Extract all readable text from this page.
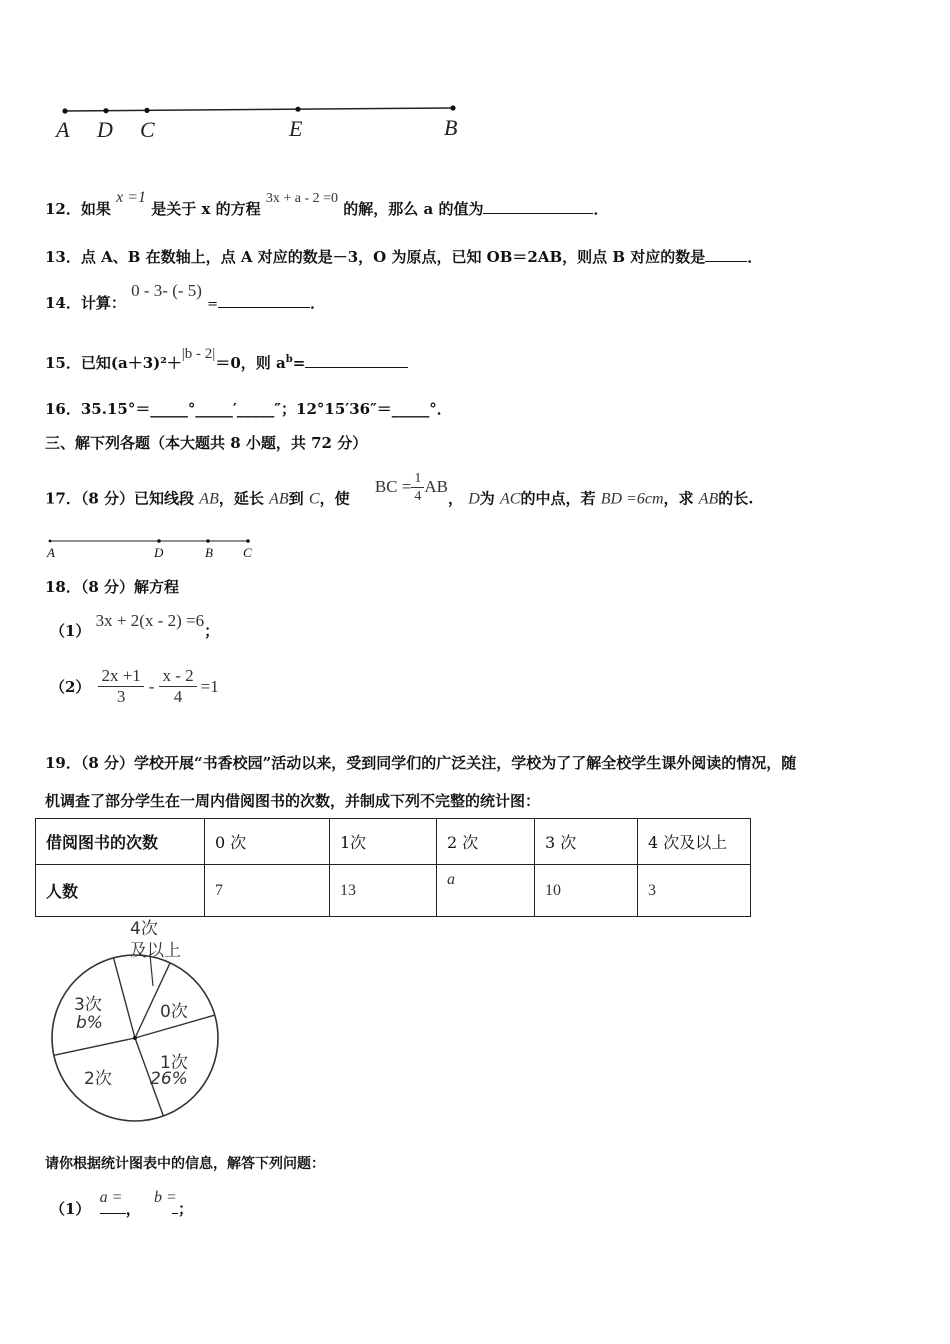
A D C	E	B
12．如果 x =1 是关于 x 的方程 3x + a - 2 =0 的解，那么 a 的值为	．
13．点 A、B 在数轴上，点 A 对应的数是－3，O 为原点，已知 OB＝2AB，则点 B 对应的数是	．
14．计算： 0 - 3- (- 5) =	．
15．已知(a＋3)²＋|b - 2|＝0，则 $a^b=$
16．35.15°＝_____°_____′_____″；12°15′36″＝_____°．
三、解下列各题（本大题共 8 小题，共 72 分）
17．（8 分）已知线段 AB，延长 AB到 C，使 BC = $\frac{1}{4}$ AB， D为 AC的中点，若 BD =6cm，求 AB的长.
A	D	B C
18．（8 分）解方程
（1） 3x + 2(x - 2) =6；
$(2) \frac{2x +1}{3} - \frac{x - 2}{4} =1$
19．（8 分）学校开展“书香校园”活动以来，受到同学们的广泛关注，学校为了了解全校学生课外阅读的情况，随
机调查了部分学生在一周内借阅图书的次数，并制成下列不完整的统计图：
借阅图书的次数	0 次	1次	2 次	3 次	4 次及以上
人数	7	13	a	10	3
4次
及以上
0次
1次
26%
2次
3次
b%
请你根据统计图表中的信息，解答下列问题：
（1） a = ， b = ；
